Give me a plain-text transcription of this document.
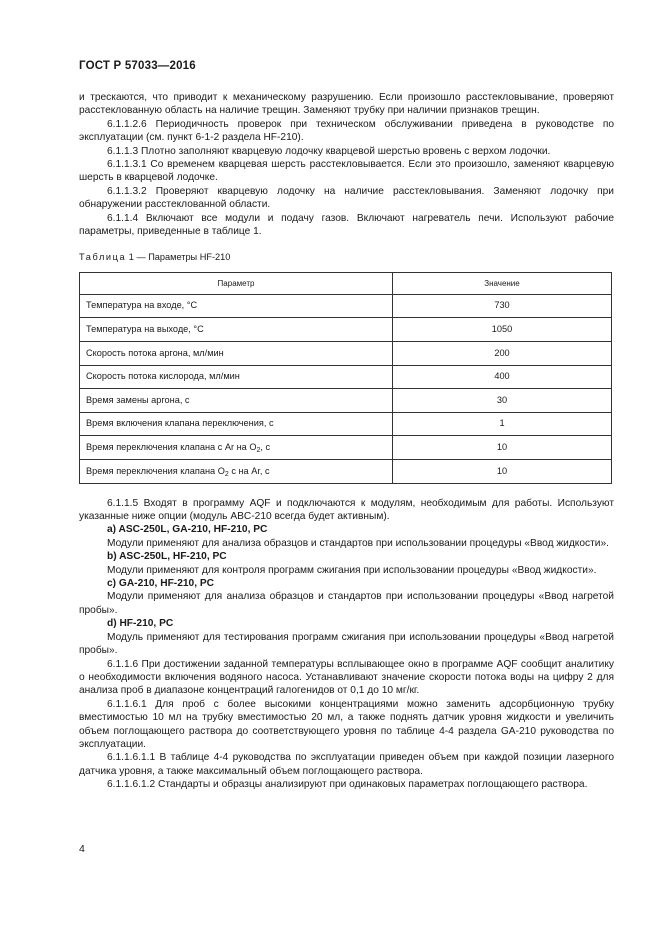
ГОСТ Р 57033—2016

и трескаются, что приводит к механическому разрушению. Если произошло расстекловывание, проверяют расстеклованную область на наличие трещин. Заменяют трубку при наличии признаков трещин.

6.1.1.2.6 Периодичность проверок при техническом обслуживании приведена в руководстве по эксплуатации (см. пункт 6-1-2 раздела HF-210).

6.1.1.3 Плотно заполняют кварцевую лодочку кварцевой шерстью вровень с верхом лодочки.

6.1.1.3.1 Со временем кварцевая шерсть расстекловывается. Если это произошло, заменяют кварцевую шерсть в кварцевой лодочке.

6.1.1.3.2 Проверяют кварцевую лодочку на наличие расстекловывания. Заменяют лодочку при обнаружении расстеклованной области.

6.1.1.4 Включают все модули и подачу газов. Включают нагреватель печи. Используют рабочие параметры, приведенные в таблице 1.

Таблица 1 — Параметры HF-210

Параметр	Значение
Температура на входе, °С	730
Температура на выходе, °С	1050
Скорость потока аргона, мл/мин	200
Скорость потока кислорода, мл/мин	400
Время замены аргона, с	30
Время включения клапана переключения, с	1
Время переключения клапана с Ar на $O_2$, с	10
Время переключения клапана $O_2$ с на Ar, с	10

6.1.1.5 Входят в программу AQF и подключаются к модулям, необходимым для работы. Используют указанные ниже опции (модуль ABC-210 всегда будет активным).

a) ASC-250L, GA-210, HF-210, PC

Модули применяют для анализа образцов и стандартов при использовании процедуры «Ввод жидкости».

b) ASC-250L, HF-210, PC

Модули применяют для контроля программ сжигания при использовании процедуры «Ввод жидкости».

c) GA-210, HF-210, PC

Модули применяют для анализа образцов и стандартов при использовании процедуры «Ввод нагретой пробы».

d) HF-210, PC

Модуль применяют для тестирования программ сжигания при использовании процедуры «Ввод нагретой пробы».

6.1.1.6 При достижении заданной температуры всплывающее окно в программе AQF сообщит аналитику о необходимости включения водяного насоса. Устанавливают значение скорости потока воды на цифру 2 для анализа проб в диапазоне концентраций галогенидов от 0,1 до 10 мг/кг.

6.1.1.6.1 Для проб с более высокими концентрациями можно заменить адсорбционную трубку вместимостью 10 мл на трубку вместимостью 20 мл, а также поднять датчик уровня жидкости и увеличить объем поглощающего раствора до соответствующего уровня по таблице 4-4 раздела GA-210 руководства по эксплуатации.

6.1.1.6.1.1 В таблице 4-4 руководства по эксплуатации приведен объем при каждой позиции лазерного датчика уровня, а также максимальный объем поглощающего раствора.

6.1.1.6.1.2 Стандарты и образцы анализируют при одинаковых параметрах поглощающего раствора.

4
